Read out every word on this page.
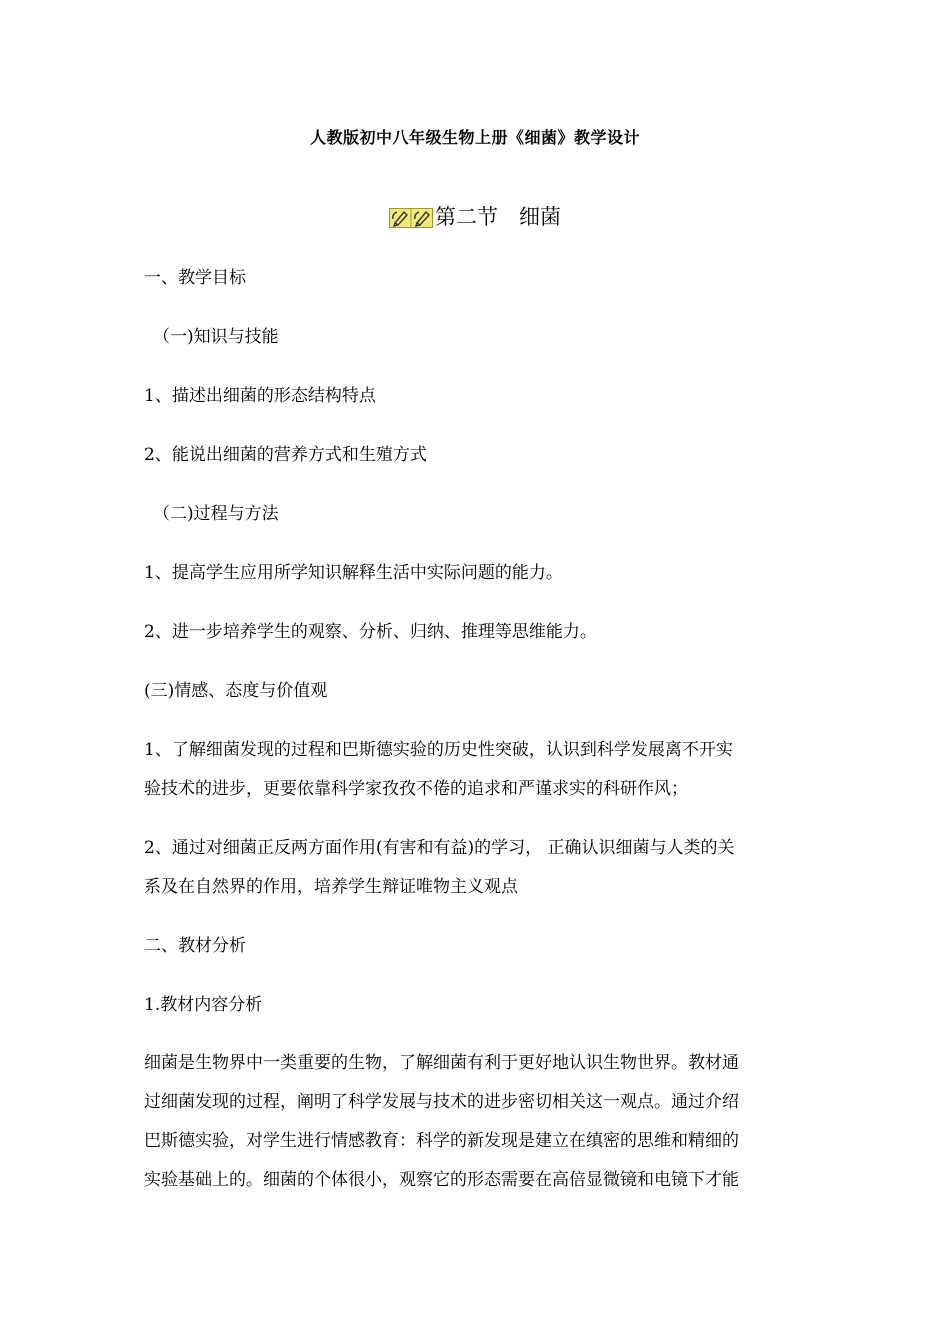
人教版初中八年级生物上册《细菌》教学设计
第二节　细菌
一、教学目标
（一)知识与技能
1、描述出细菌的形态结构特点
2、能说出细菌的营养方式和生殖方式
（二)过程与方法
1、提高学生应用所学知识解释生活中实际问题的能力。
2、进一步培养学生的观察、分析、归纳、推理等思维能力。
(三)情感、态度与价值观
1、了解细菌发现的过程和巴斯德实验的历史性突破，认识到科学发展离不开实
验技术的进步，更要依靠科学家孜孜不倦的追求和严谨求实的科研作风；
2、通过对细菌正反两方面作用(有害和有益)的学习， 正确认识细菌与人类的关
系及在自然界的作用，培养学生辩证唯物主义观点
二、教材分析
1.教材内容分析
细菌是生物界中一类重要的生物，了解细菌有利于更好地认识生物世界。教材通
过细菌发现的过程，阐明了科学发展与技术的进步密切相关这一观点。通过介绍
巴斯德实验，对学生进行情感教育：科学的新发现是建立在缜密的思维和精细的
实验基础上的。细菌的个体很小，观察它的形态需要在高倍显微镜和电镜下才能
